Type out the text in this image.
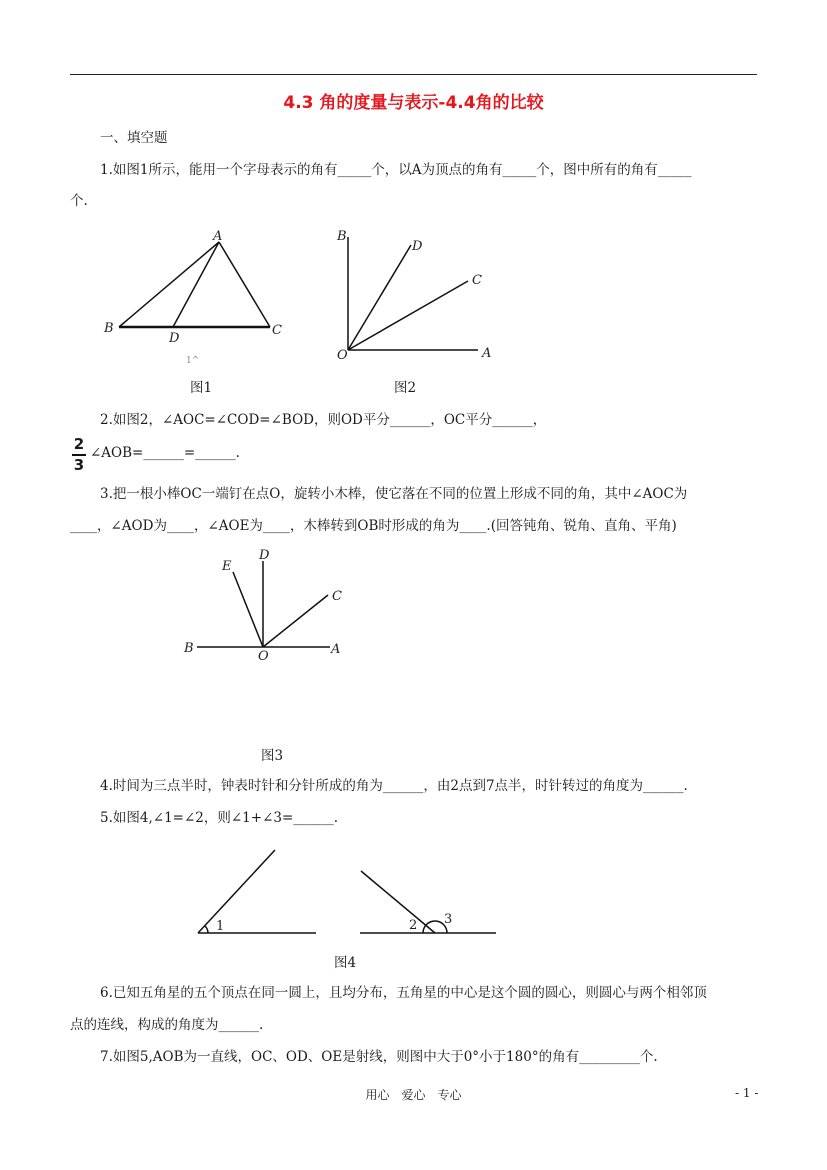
4.3 角的度量与表示-4.4角的比较
一、填空题
1.如图1所示，能用一个字母表示的角有_____个，以A为顶点的角有_____个，图中所有的角有_____
个.
A
B	C
D
1^
B
D
C
A
O
图1	图2
2.如图2，∠AOC=∠COD=∠BOD，则OD平分______，OC平分______，
2
3
∠AOB=______=______.
3.把一根小棒OC一端钉在点O，旋转小木棒，使它落在不同的位置上形成不同的角，其中∠AOC为
____，∠AOD为____，∠AOE为____，木棒转到OB时形成的角为____.(回答钝角、锐角、直角、平角)
D
E
C
B	A
O
图3
4.时间为三点半时，钟表时针和分针所成的角为______，由2点到7点半，时针转过的角度为______.
5.如图4,∠1=∠2，则∠1+∠3=______.
1	2 3
图4
6.已知五角星的五个顶点在同一圆上，且均分布，五角星的中心是这个圆的圆心，则圆心与两个相邻顶
点的连线，构成的角度为______.
7.如图5,AOB为一直线，OC、OD、OE是射线，则图中大于0°小于180°的角有_________个.
用心　爱心　专心	- 1 -
